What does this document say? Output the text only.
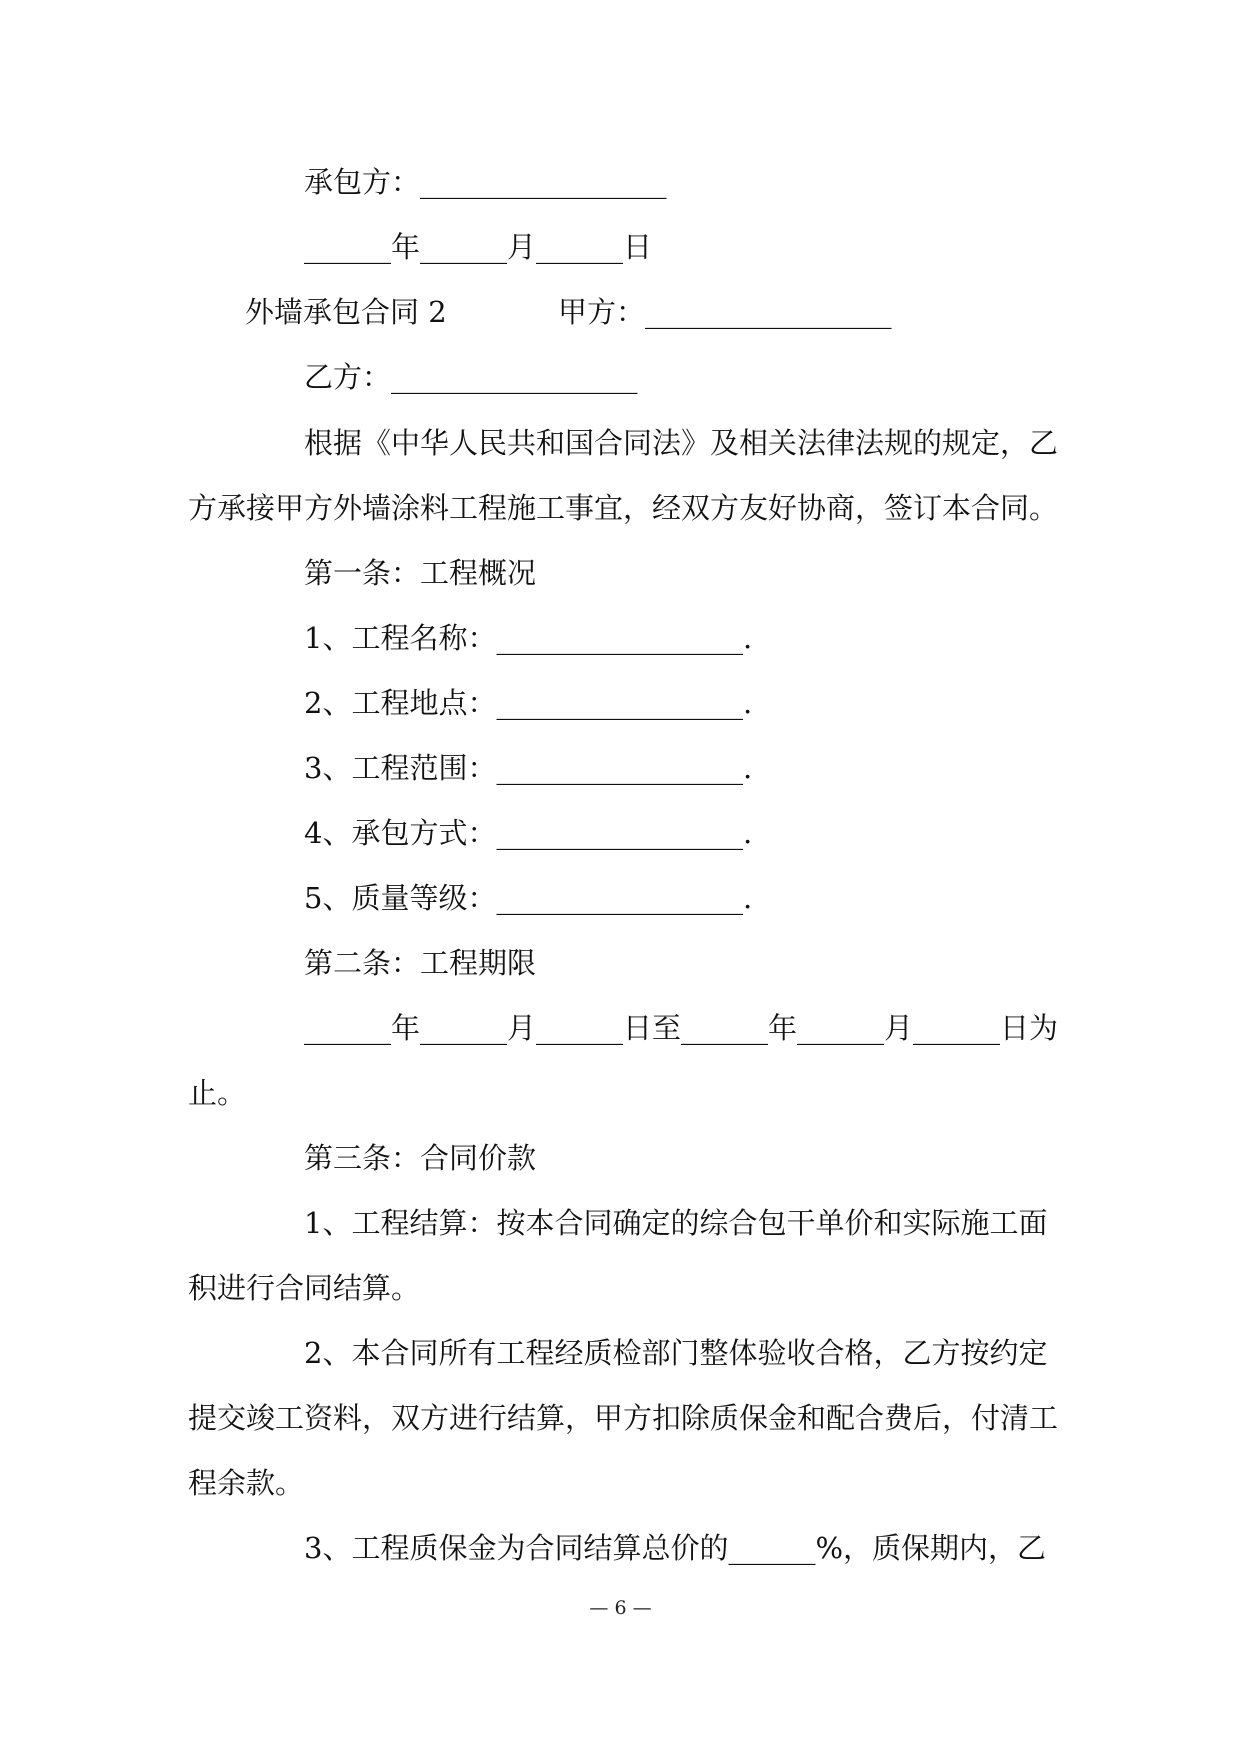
承包方：_________________
______年______月______日
外墙承包合同 2	甲方：_________________
乙方：_________________
根据《中华人民共和国合同法》及相关法律法规的规定，乙
方承接甲方外墙涂料工程施工事宜，经双方友好协商，签订本合同。
第一条：工程概况
1、工程名称：_________________.
2、工程地点：_________________.
3、工程范围：_________________.
4、承包方式：_________________.
5、质量等级：_________________.
第二条：工程期限
______年______月______日至______年______月______日为
止。
第三条：合同价款
1、工程结算：按本合同确定的综合包干单价和实际施工面
积进行合同结算。
2、本合同所有工程经质检部门整体验收合格，乙方按约定
提交竣工资料，双方进行结算，甲方扣除质保金和配合费后，付清工
程余款。
3、工程质保金为合同结算总价的______%，质保期内，乙
— 6 —
